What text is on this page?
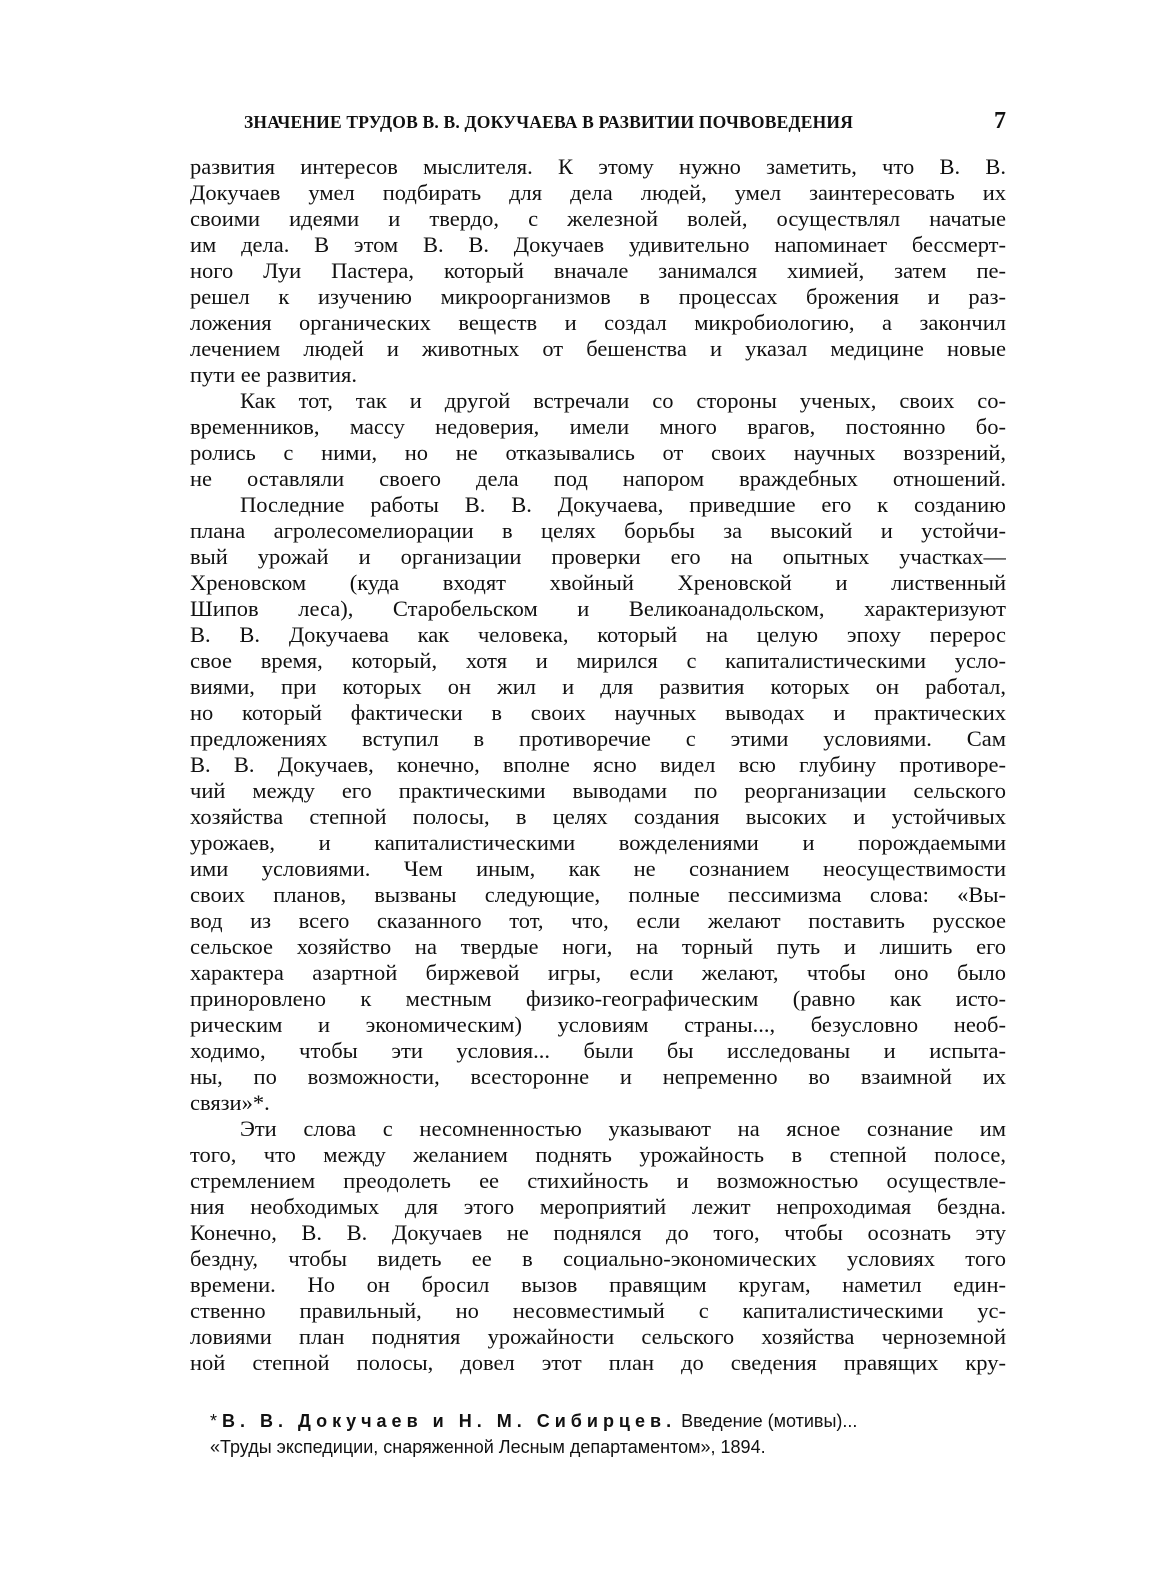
ЗНАЧЕНИЕ ТРУДОВ В. В. ДОКУЧАЕВА В РАЗВИТИИ ПОЧВОВЕДЕНИЯ	7
развития интересов мыслителя. К этому нужно заметить, что В. В.
Докучаев умел подбирать для дела людей, умел заинтересовать их
своими идеями и твердо, с железной волей, осуществлял начатые
им дела. В этом В. В. Докучаев удивительно напоминает бессмерт-
ного Луи Пастера, который вначале занимался химией, затем пе-
решел к изучению микроорганизмов в процессах брожения и раз-
ложения органических веществ и создал микробиологию, а закончил
лечением людей и животных от бешенства и указал медицине новые
пути ее развития.
Как тот, так и другой встречали со стороны ученых, своих со-
временников, массу недоверия, имели много врагов, постоянно бо-
ролись с ними, но не отказывались от своих научных воззрений,
не оставляли своего дела под напором враждебных отношений.
Последние работы В. В. Докучаева, приведшие его к созданию
плана агролесомелиорации в целях борьбы за высокий и устойчи-
вый урожай и организации проверки его на опытных участках—
Хреновском (куда входят хвойный Хреновской и лиственный
Шипов леса), Старобельском и Великоанадольском, характеризуют
В. В. Докучаева как человека, который на целую эпоху перерос
свое время, который, хотя и мирился с капиталистическими усло-
виями, при которых он жил и для развития которых он работал,
но который фактически в своих научных выводах и практических
предложениях вступил в противоречие с этими условиями. Сам
В. В. Докучаев, конечно, вполне ясно видел всю глубину противоре-
чий между его практическими выводами по реорганизации сельского
хозяйства степной полосы, в целях создания высоких и устойчивых
урожаев, и капиталистическими вожделениями и порождаемыми
ими условиями. Чем иным, как не сознанием неосуществимости
своих планов, вызваны следующие, полные пессимизма слова: «Вы-
вод из всего сказанного тот, что, если желают поставить русское
сельское хозяйство на твердые ноги, на торный путь и лишить его
характера азартной биржевой игры, если желают, чтобы оно было
приноровлено к местным физико-географическим (равно как исто-
рическим и экономическим) условиям страны..., безусловно необ-
ходимо, чтобы эти условия... были бы исследованы и испыта-
ны, по возможности, всесторонне и непременно во взаимной их
связи»*.
Эти слова с несомненностью указывают на ясное сознание им
того, что между желанием поднять урожайность в степной полосе,
стремлением преодолеть ее стихийность и возможностью осуществле-
ния необходимых для этого мероприятий лежит непроходимая бездна.
Конечно, В. В. Докучаев не поднялся до того, чтобы осознать эту
бездну, чтобы видеть ее в социально-экономических условиях того
времени. Но он бросил вызов правящим кругам, наметил един-
ственно правильный, но несовместимый с капиталистическими ус-
ловиями план поднятия урожайности сельского хозяйства черноземной
ной степной полосы, довел этот план до сведения правящих кру-
* В. В. Докучаев и Н. М. Сибирцев. Введение (мотивы)...
«Труды экспедиции, снаряженной Лесным департаментом», 1894.
